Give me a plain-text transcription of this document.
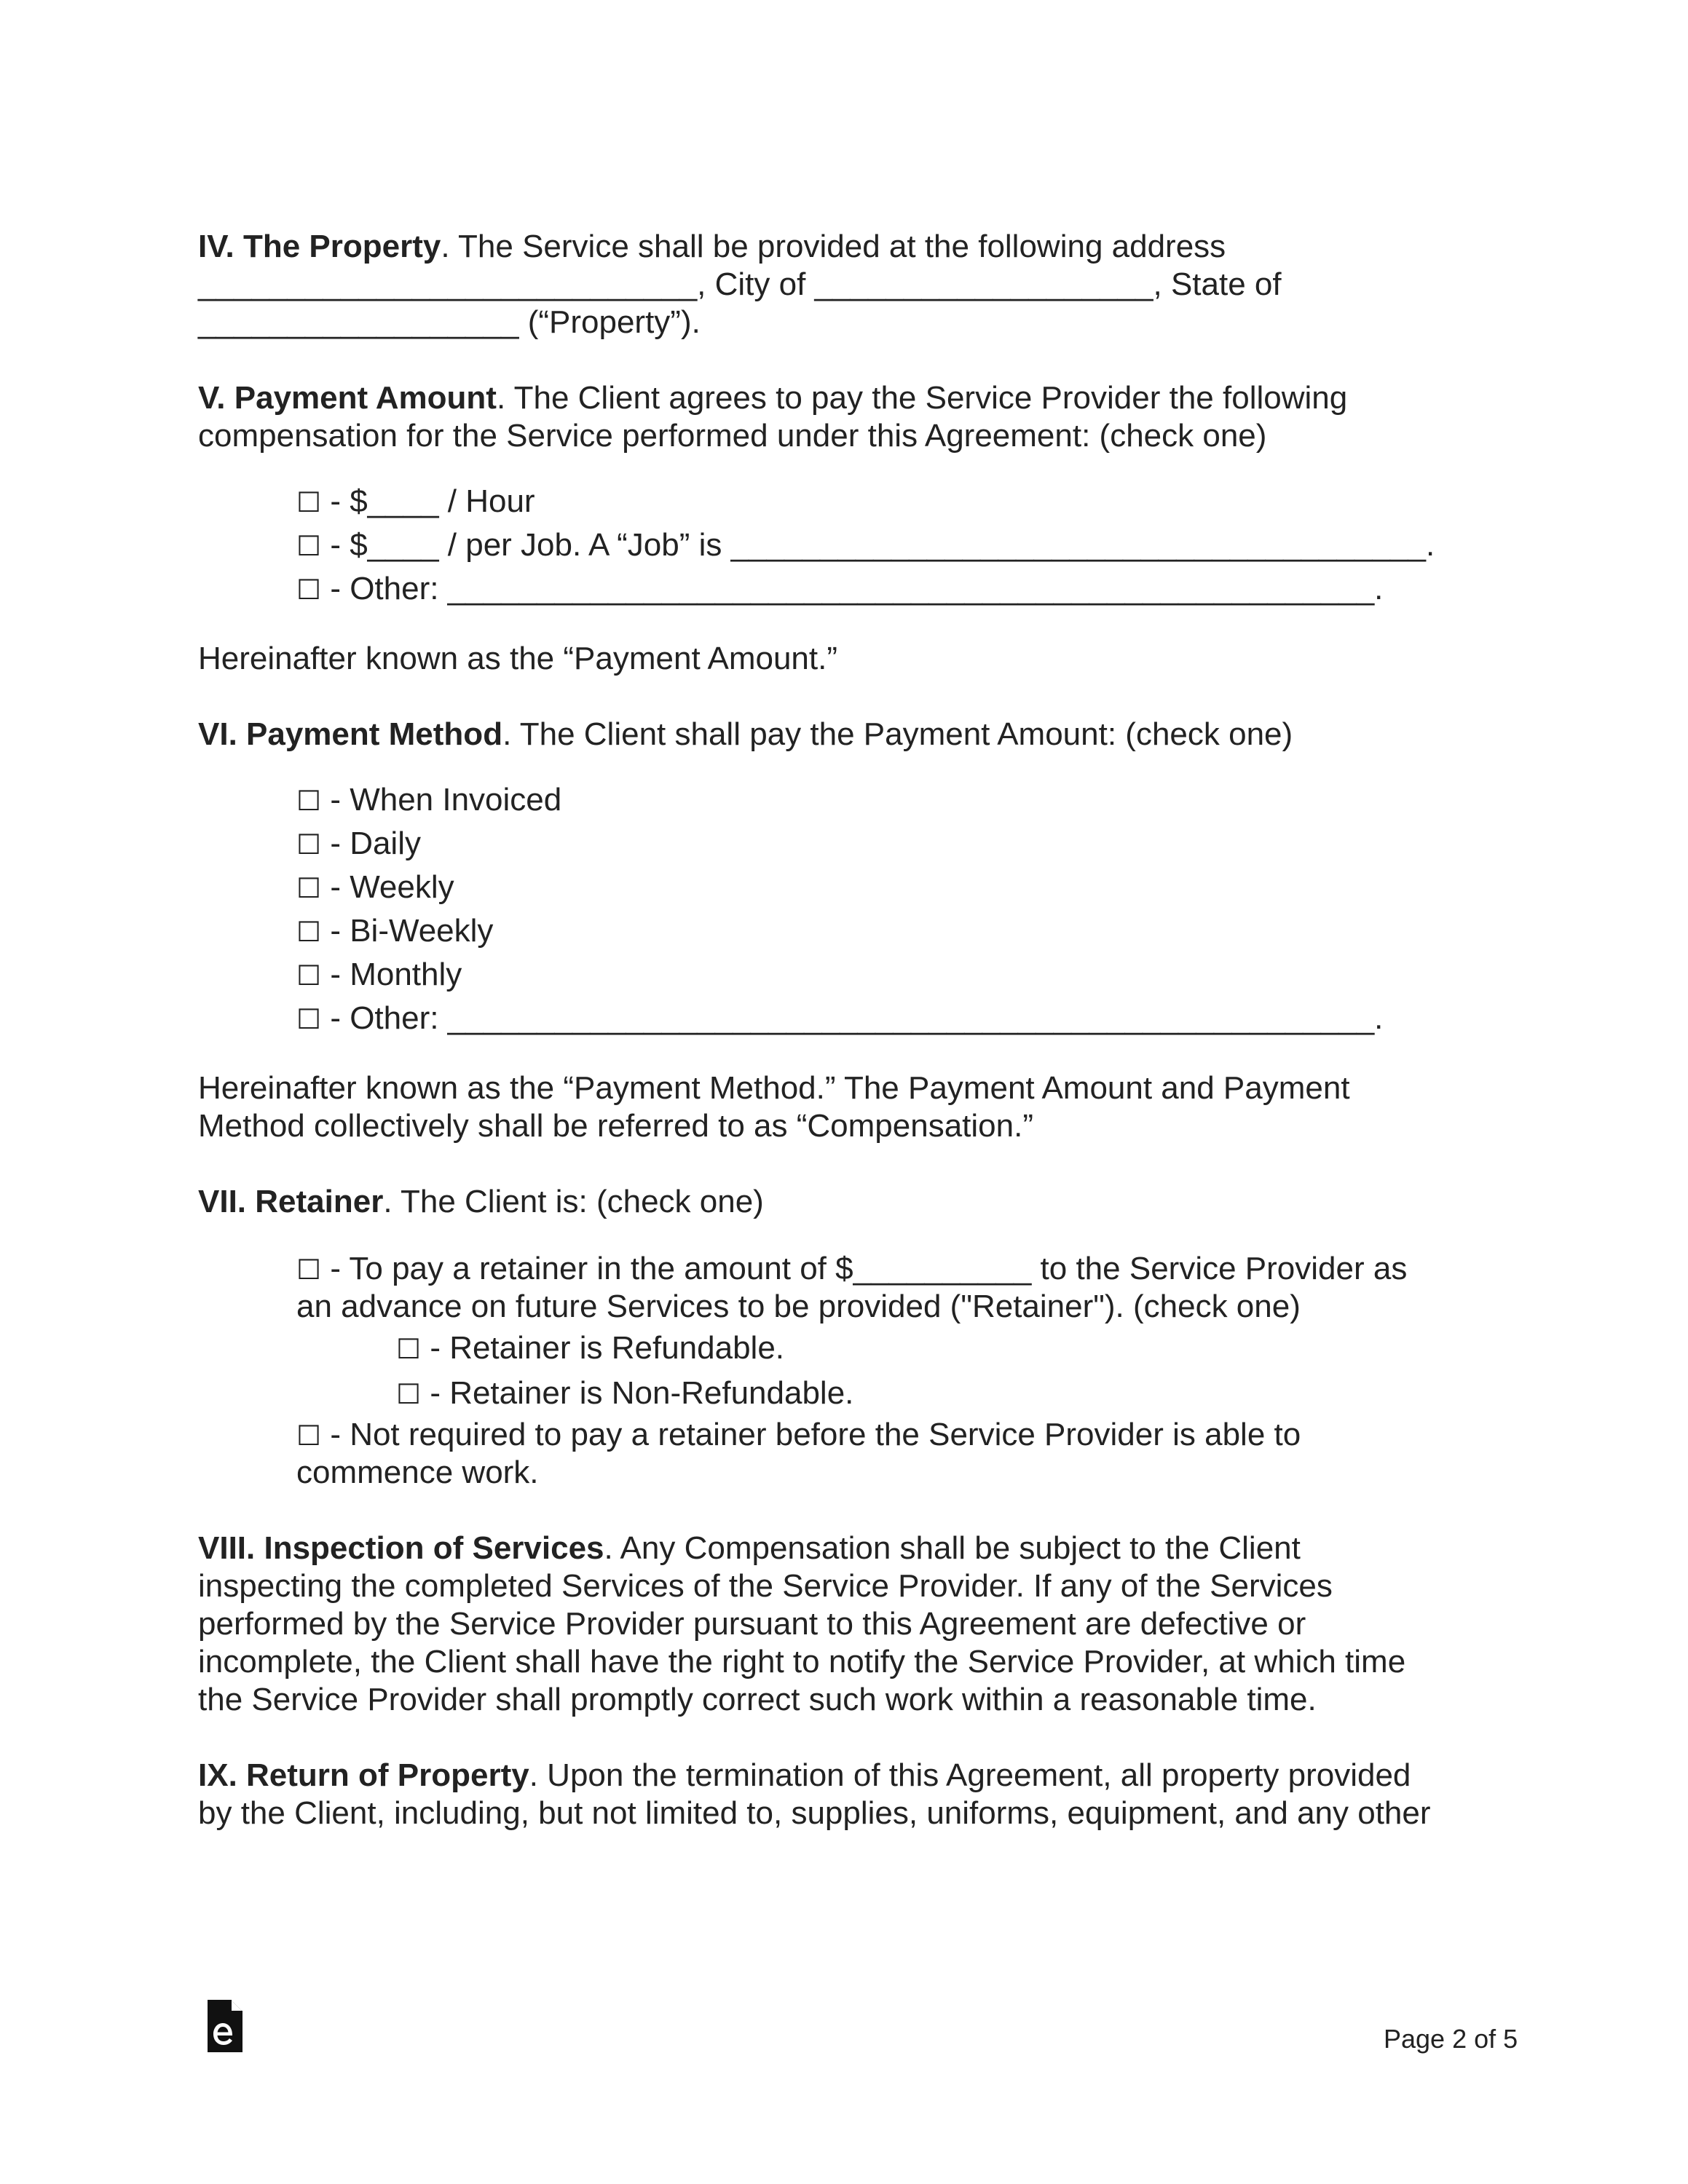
IV. The Property. The Service shall be provided at the following address
____________________________, City of ___________________, State of
__________________ (“Property”).
V. Payment Amount. The Client agrees to pay the Service Provider the following
compensation for the Service performed under this Agreement: (check one)
☐ - $____ / Hour
☐ - $____ / per Job. A “Job” is _______________________________________.
☐ - Other: ____________________________________________________.
Hereinafter known as the “Payment Amount.”
VI. Payment Method. The Client shall pay the Payment Amount: (check one)
☐ - When Invoiced
☐ - Daily
☐ - Weekly
☐ - Bi-Weekly
☐ - Monthly
☐ - Other: ____________________________________________________.
Hereinafter known as the “Payment Method.” The Payment Amount and Payment
Method collectively shall be referred to as “Compensation.”
VII. Retainer. The Client is: (check one)
☐ - To pay a retainer in the amount of $__________ to the Service Provider as
an advance on future Services to be provided ("Retainer"). (check one)
☐ - Retainer is Refundable.
☐ - Retainer is Non-Refundable.
☐ - Not required to pay a retainer before the Service Provider is able to
commence work.
VIII. Inspection of Services. Any Compensation shall be subject to the Client
inspecting the completed Services of the Service Provider. If any of the Services
performed by the Service Provider pursuant to this Agreement are defective or
incomplete, the Client shall have the right to notify the Service Provider, at which time
the Service Provider shall promptly correct such work within a reasonable time.
IX. Return of Property. Upon the termination of this Agreement, all property provided
by the Client, including, but not limited to, supplies, uniforms, equipment, and any other
Page 2 of 5
